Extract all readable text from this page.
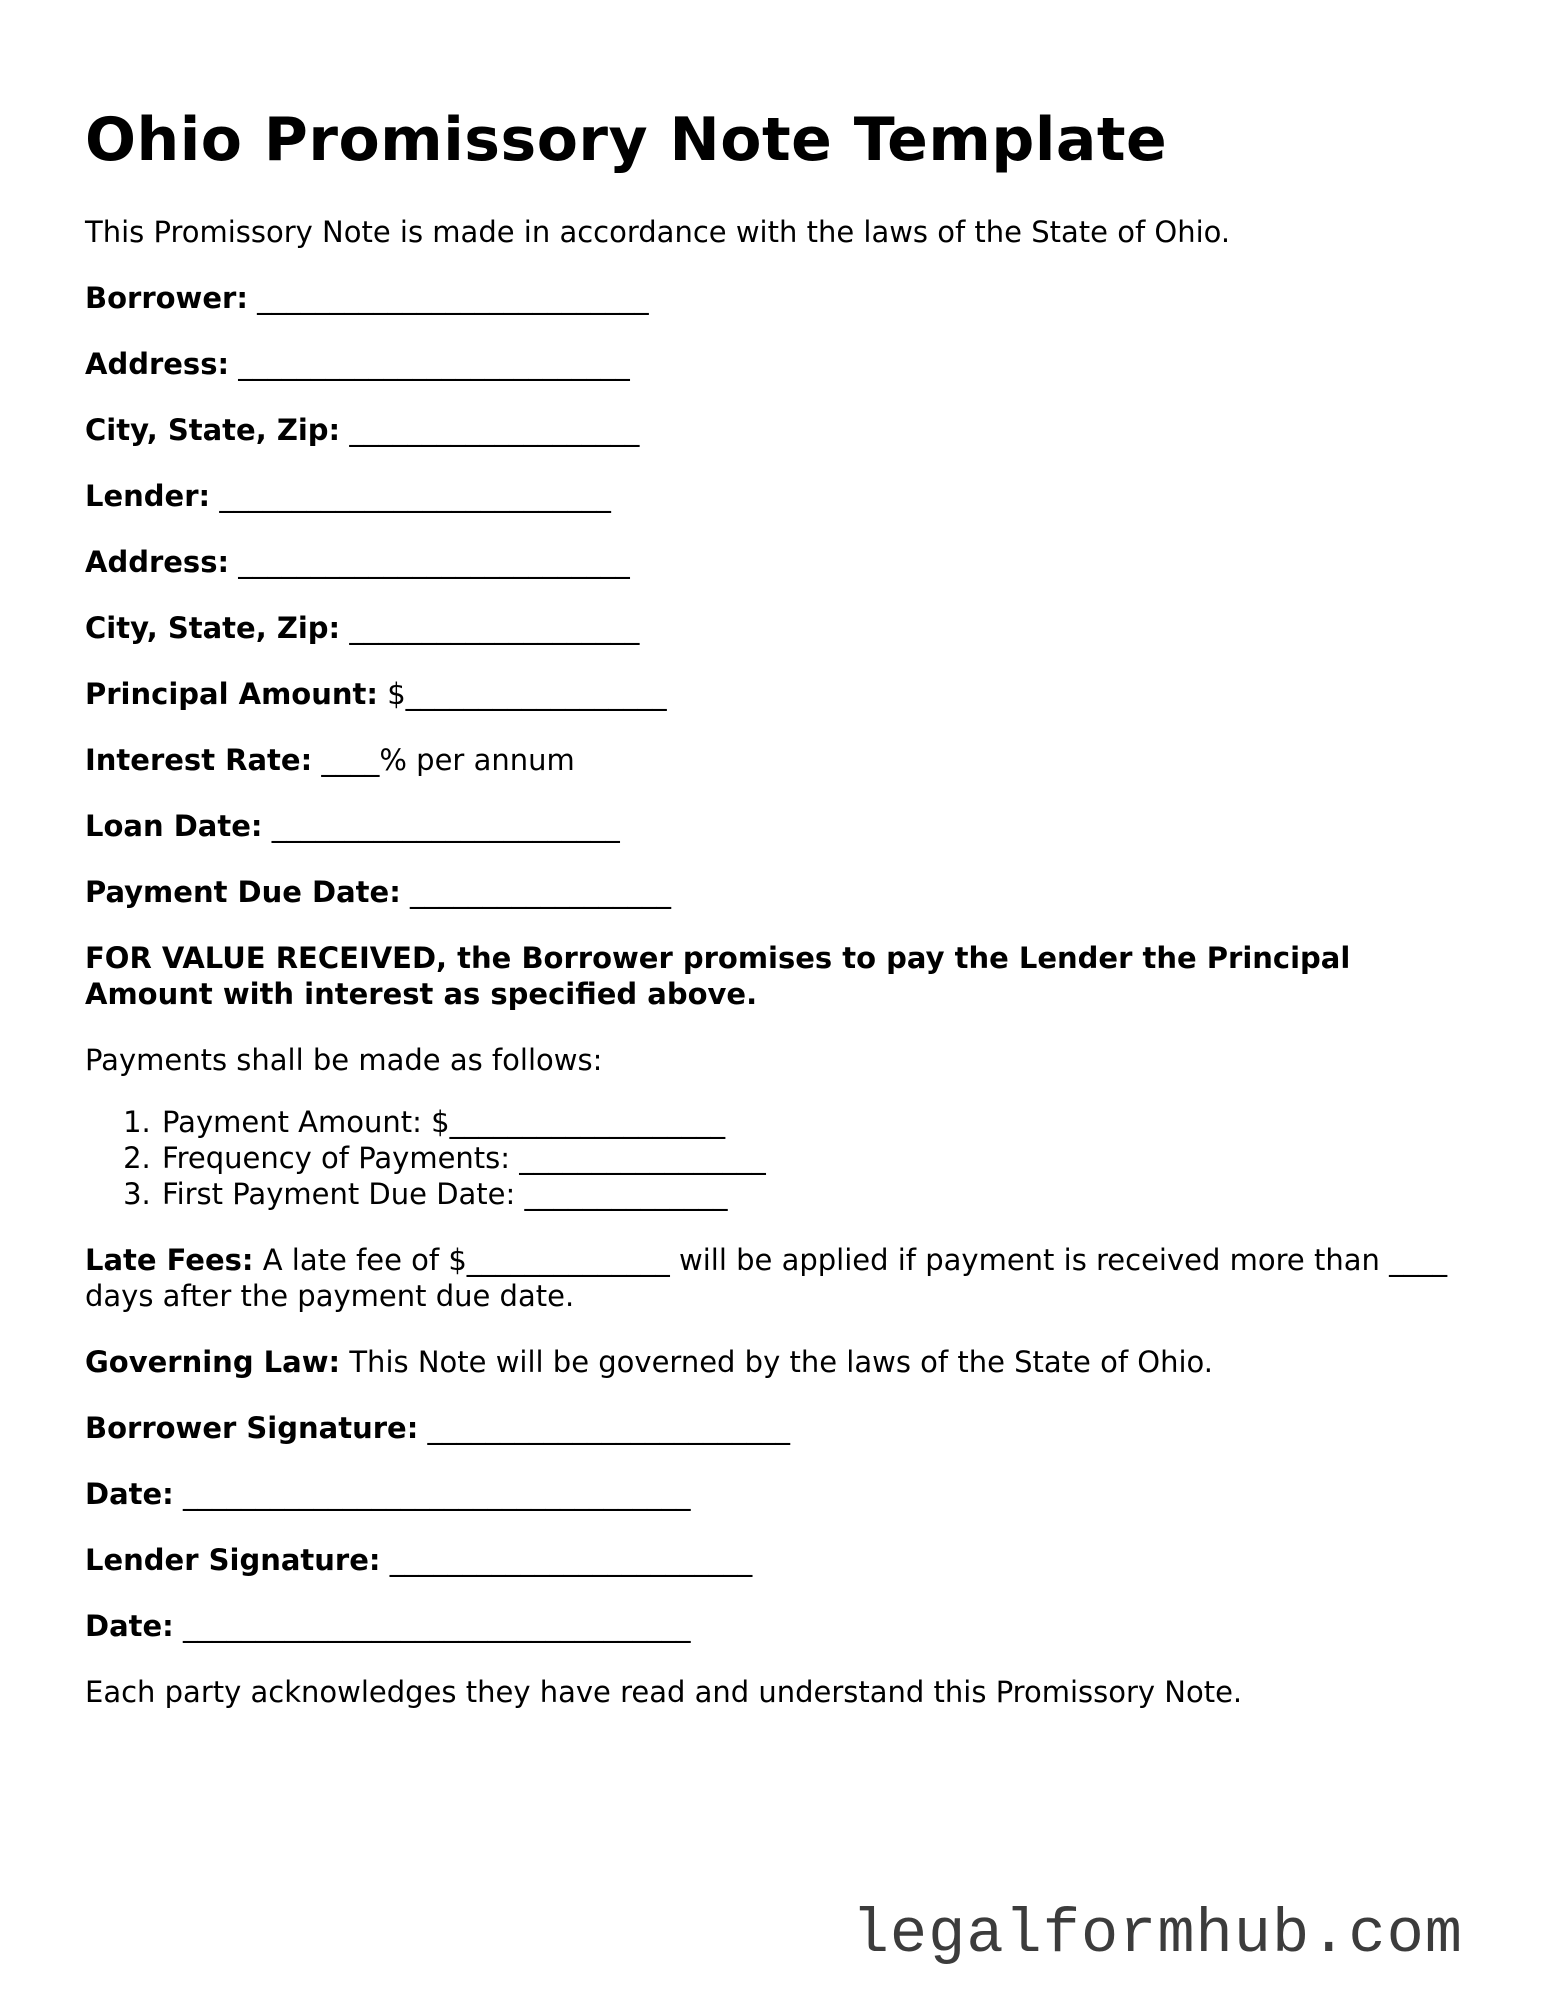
Ohio Promissory Note Template

This Promissory Note is made in accordance with the laws of the State of Ohio.

Borrower: ___________________________
Address: ___________________________
City, State, Zip: ____________________
Lender: ___________________________
Address: ___________________________
City, State, Zip: ____________________
Principal Amount: $__________________
Interest Rate: ____% per annum
Loan Date: ________________________
Payment Due Date: __________________

FOR VALUE RECEIVED, the Borrower promises to pay the Lender the Principal Amount with interest as specified above.

Payments shall be made as follows:

1. Payment Amount: $___________________
2. Frequency of Payments: _________________
3. First Payment Due Date: ______________

Late Fees: A late fee of $______________ will be applied if payment is received more than ____ days after the payment due date.

Governing Law: This Note will be governed by the laws of the State of Ohio.

Borrower Signature: _________________________
Date: ___________________________________
Lender Signature: _________________________
Date: ___________________________________

Each party acknowledges they have read and understand this Promissory Note.

legalformhub.com
